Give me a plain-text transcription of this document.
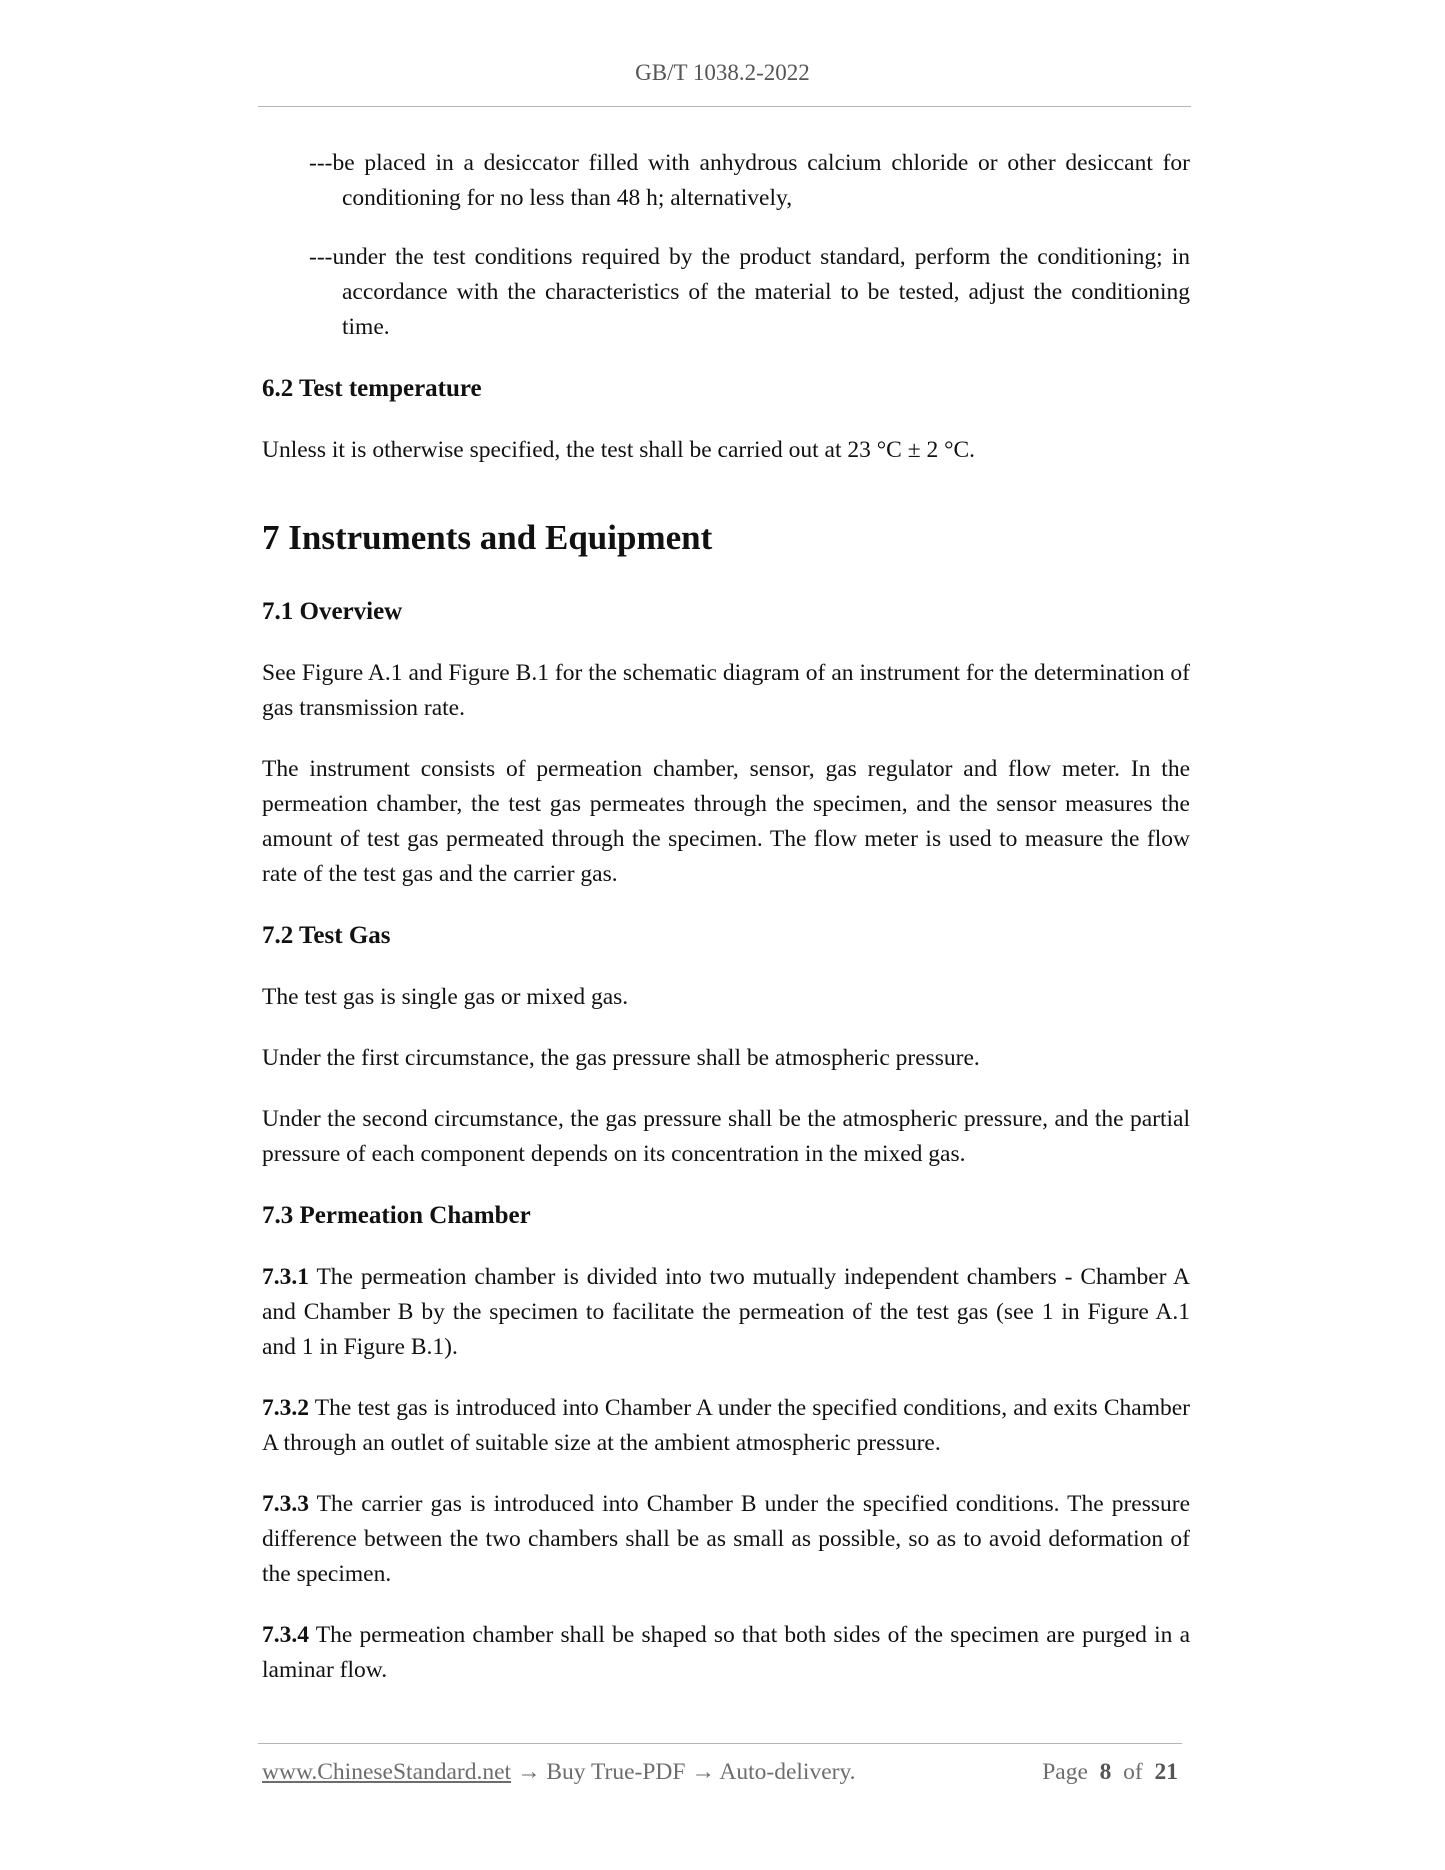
GB/T 1038.2-2022

---be placed in a desiccator filled with anhydrous calcium chloride or other desiccant for conditioning for no less than 48 h; alternatively,

---under the test conditions required by the product standard, perform the conditioning; in accordance with the characteristics of the material to be tested, adjust the conditioning time.

6.2 Test temperature

Unless it is otherwise specified, the test shall be carried out at 23 °C ± 2 °C.

7 Instruments and Equipment
7.1 Overview

See Figure A.1 and Figure B.1 for the schematic diagram of an instrument for the determination of gas transmission rate.

The instrument consists of permeation chamber, sensor, gas regulator and flow meter. In the permeation chamber, the test gas permeates through the specimen, and the sensor measures the amount of test gas permeated through the specimen. The flow meter is used to measure the flow rate of the test gas and the carrier gas.

7.2 Test Gas

The test gas is single gas or mixed gas.

Under the first circumstance, the gas pressure shall be atmospheric pressure.

Under the second circumstance, the gas pressure shall be the atmospheric pressure, and the partial pressure of each component depends on its concentration in the mixed gas.

7.3 Permeation Chamber

7.3.1 The permeation chamber is divided into two mutually independent chambers - Chamber A and Chamber B by the specimen to facilitate the permeation of the test gas (see 1 in Figure A.1 and 1 in Figure B.1).

7.3.2 The test gas is introduced into Chamber A under the specified conditions, and exits Chamber A through an outlet of suitable size at the ambient atmospheric pressure.

7.3.3 The carrier gas is introduced into Chamber B under the specified conditions. The pressure difference between the two chambers shall be as small as possible, so as to avoid deformation of the specimen.

7.3.4 The permeation chamber shall be shaped so that both sides of the specimen are purged in a laminar flow.

www.ChineseStandard.net → Buy True-PDF → Auto-delivery.	Page 8 of 21
